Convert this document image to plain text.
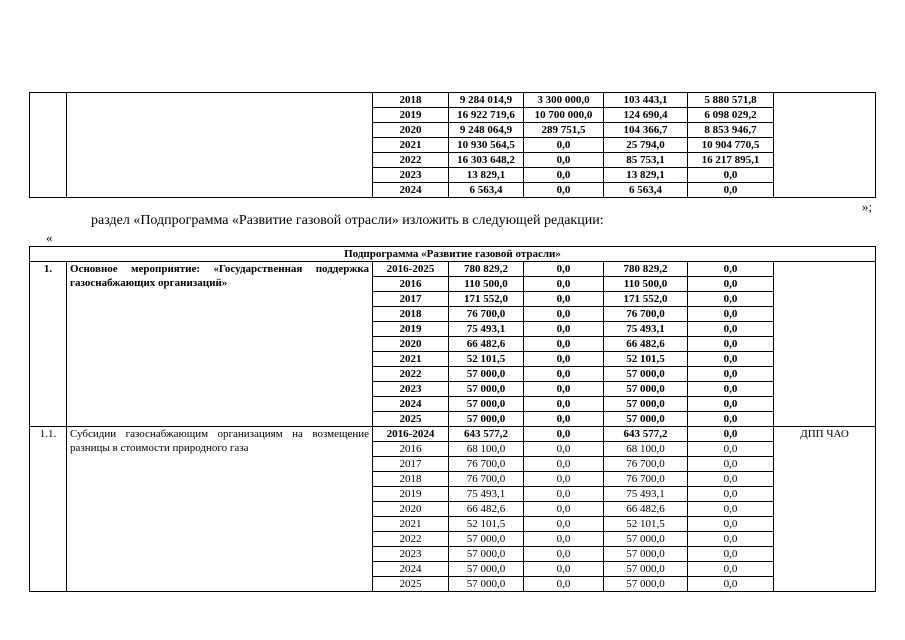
		2018	9 284 014,9	3 300 000,0	103 443,1	5 880 571,8	
		2019	16 922 719,6	10 700 000,0	124 690,4	6 098 029,2	
		2020	9 248 064,9	289 751,5	104 366,7	8 853 946,7	
		2021	10 930 564,5	0,0	25 794,0	10 904 770,5	
		2022	16 303 648,2	0,0	85 753,1	16 217 895,1	
		2023	13 829,1	0,0	13 829,1	0,0	
		2024	6 563,4	0,0	6 563,4	0,0	
»;
раздел «Подпрограмма «Развитие газовой отрасли» изложить в следующей редакции:
«
Подпрограмма «Развитие газовой отрасли»							
1.	Основное мероприятие: «Государственная поддержка газоснабжающих организаций»	2016-2025	780 829,2	0,0	780 829,2	0,0	
		2016	110 500,0	0,0	110 500,0	0,0	
		2017	171 552,0	0,0	171 552,0	0,0	
		2018	76 700,0	0,0	76 700,0	0,0	
		2019	75 493,1	0,0	75 493,1	0,0	
		2020	66 482,6	0,0	66 482,6	0,0	
		2021	52 101,5	0,0	52 101,5	0,0	
		2022	57 000,0	0,0	57 000,0	0,0	
		2023	57 000,0	0,0	57 000,0	0,0	
		2024	57 000,0	0,0	57 000,0	0,0	
		2025	57 000,0	0,0	57 000,0	0,0	
1.1.	Субсидии газоснабжающим организациям на возмещение разницы в стоимости природного газа	2016-2024	643 577,2	0,0	643 577,2	0,0	ДПП ЧАО
		2016	68 100,0	0,0	68 100,0	0,0	
		2017	76 700,0	0,0	76 700,0	0,0	
		2018	76 700,0	0,0	76 700,0	0,0	
		2019	75 493,1	0,0	75 493,1	0,0	
		2020	66 482,6	0,0	66 482,6	0,0	
		2021	52 101,5	0,0	52 101,5	0,0	
		2022	57 000,0	0,0	57 000,0	0,0	
		2023	57 000,0	0,0	57 000,0	0,0	
		2024	57 000,0	0,0	57 000,0	0,0	
		2025	57 000,0	0,0	57 000,0	0,0	
